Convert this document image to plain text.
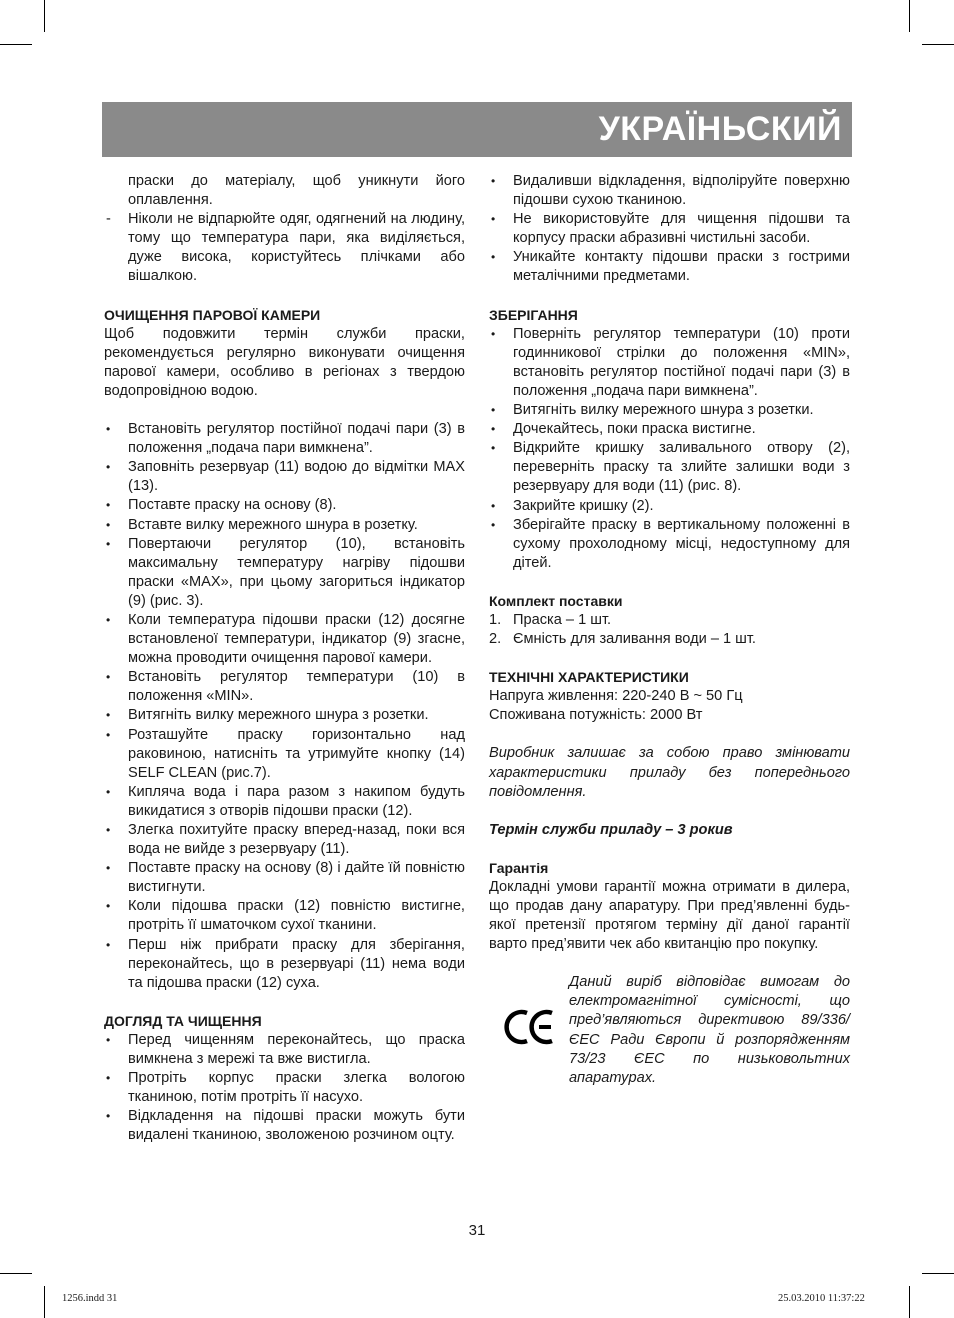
УКРАЇНЬСКИЙ
праски до матеріалу, щоб уникнути його оплавлення.
-	Ніколи не відпарюйте одяг, одягнений на людину, тому що температура пари, яка виділяється, дуже висока, користуйтесь плічками або вішалкою.

ОЧИЩЕННЯ ПАРОВОЇ КАМЕРИ

Щоб подовжити термін служби праски, рекомендується регулярно виконувати очищення парової камери, особливо в регіонах з твердою водопровідною водою.

•	Встановіть регулятор постійної подачі пари (3) в положення „подача пари вимкнена”.
•	Заповніть резервуар (11) водою до відмітки MAX (13).
•	Поставте праску на основу (8).
•	Вставте вилку мережного шнура в розетку.
•	Повертаючи регулятор (10), встановіть максимальну температуру нагріву підошви праски «MAX», при цьому загориться індикатор (9) (рис. 3).
•	Коли температура підошви праски (12) досягне встановленої температури, індикатор (9) згасне, можна проводити очищення парової камери.
•	Встановіть регулятор температури (10) в положення «MIN».
•	Витягніть вилку мережного шнура з розетки.
•	Розташуйте праску горизонтально над раковиною, натисніть та утримуйте кнопку (14) SELF CLEAN (рис.7).
•	Кипляча вода і пара разом з накипом будуть викидатися з отворів підошви праски (12).
•	Злегка похитуйте праску вперед-назад, поки вся вода не вийде з резервуару (11).
•	Поставте праску на основу (8) і дайте їй повністю вистигнути.
•	Коли підошва праски (12) повністю вистигне, протріть її шматочком сухої тканини.
•	Перш ніж прибрати праску для зберігання, переконайтесь, що в резервуарі (11) нема води та підошва праски (12) суха.

ДОГЛЯД ТА ЧИЩЕННЯ

•	Перед чищенням переконайтесь, що праска вимкнена з мережі та вже вистигла.
•	Протріть корпус праски злегка вологою тканиною, потім протріть її насухо.
•	Відкладення на підошві праски можуть бути видалені тканиною, зволоженою розчином оцту.
•	Видаливши відкладення, відполіруйте поверхню підошви сухою тканиною.
•	Не використовуйте для чищення підошви та корпусу праски абразивні чистильні засоби.
•	Уникайте контакту підошви праски з гострими металічними предметами.

ЗБЕРІГАННЯ

•	Поверніть регулятор температури (10) проти годинникової стрілки до положення «MIN», встановіть регулятор постійної подачі пари (3) в положення „подача пари вимкнена”.
•	Витягніть вилку мережного шнура з розетки.
•	Дочекайтесь, поки праска вистигне.
•	Відкрийте кришку заливального отвору (2), переверніть праску та злийте залишки води з резервуару для води (11) (рис. 8).
•	Закрийте кришку (2).
•	Зберігайте праску в вертикальному положенні в сухому прохолодному місці, недоступному для дітей.

Комплект поставки

1. Праска – 1 шт.
2. Ємність для заливання води – 1 шт.

ТЕХНІЧНІ ХАРАКТЕРИСТИКИ

Напруга живлення: 220-240 В ~ 50 Гц

Споживана потужність: 2000 Вт

Виробник залишає за собою право змінювати характеристики приладу без попереднього повідомлення.

Термін служби приладу – 3 рокив

Гарантія

Докладні умови гарантії можна отримати в дилера, що продав дану апаратуру. При пред’явленні будь-якої претензії протягом терміну дії даної гарантії варто пред’явити чек або квитанцію про покупку.

Даний виріб відповідає вимогам до електромагнітної сумісності, що пред’являються директивою 89/336/ ЄЕС Ради Європи й розпорядженням 73/23 ЄЕС по низьковольтних апаратурах.
31
1256.indd 31	25.03.2010 11:37:22
